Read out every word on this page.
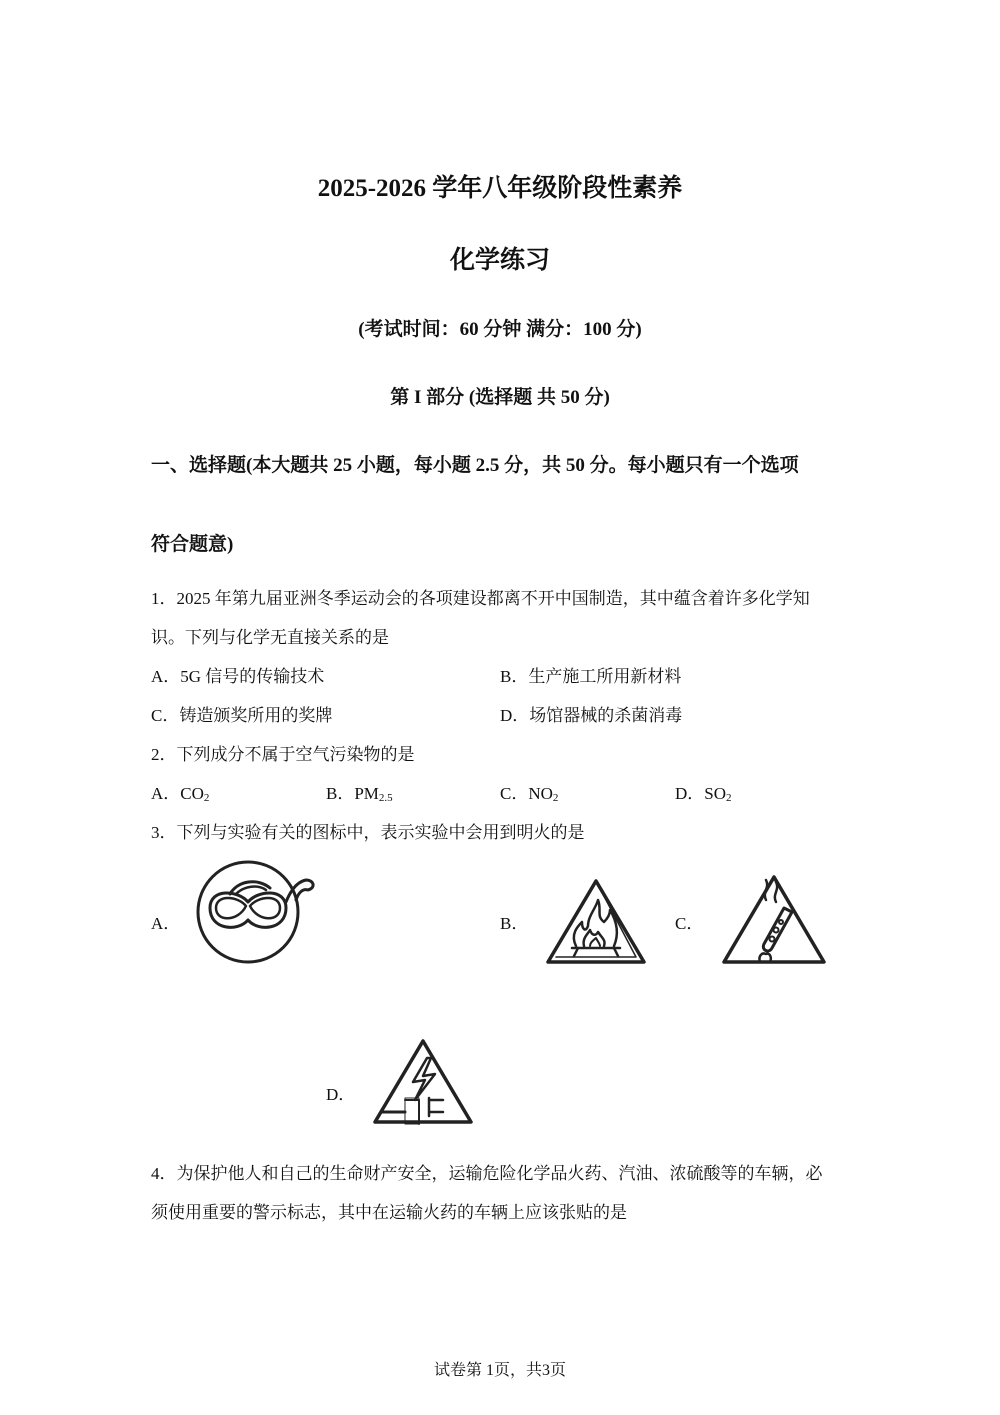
2025-2026 学年八年级阶段性素养
化学练习
(考试时间：60 分钟 满分：100 分)
第 I 部分 (选择题 共 50 分)
一、选择题(本大题共 25 小题，每小题 2.5 分，共 50 分。每小题只有一个选项
符合题意)
1．2025 年第九届亚洲冬季运动会的各项建设都离不开中国制造，其中蕴含着许多化学知
识。下列与化学无直接关系的是
A．5G 信号的传输技术	B．生产施工所用新材料
C．铸造颁奖所用的奖牌	D．场馆器械的杀菌消毒
2．下列成分不属于空气污染物的是
A．$CO_2$	B．$PM_{2.5}$	C．$NO_2$	D．$SO_2$
3．下列与实验有关的图标中，表示实验中会用到明火的是
A．	B．	C．
D．
4．为保护他人和自己的生命财产安全，运输危险化学品火药、汽油、浓硫酸等的车辆，必
须使用重要的警示标志，其中在运输火药的车辆上应该张贴的是
试卷第 1页，共3页
